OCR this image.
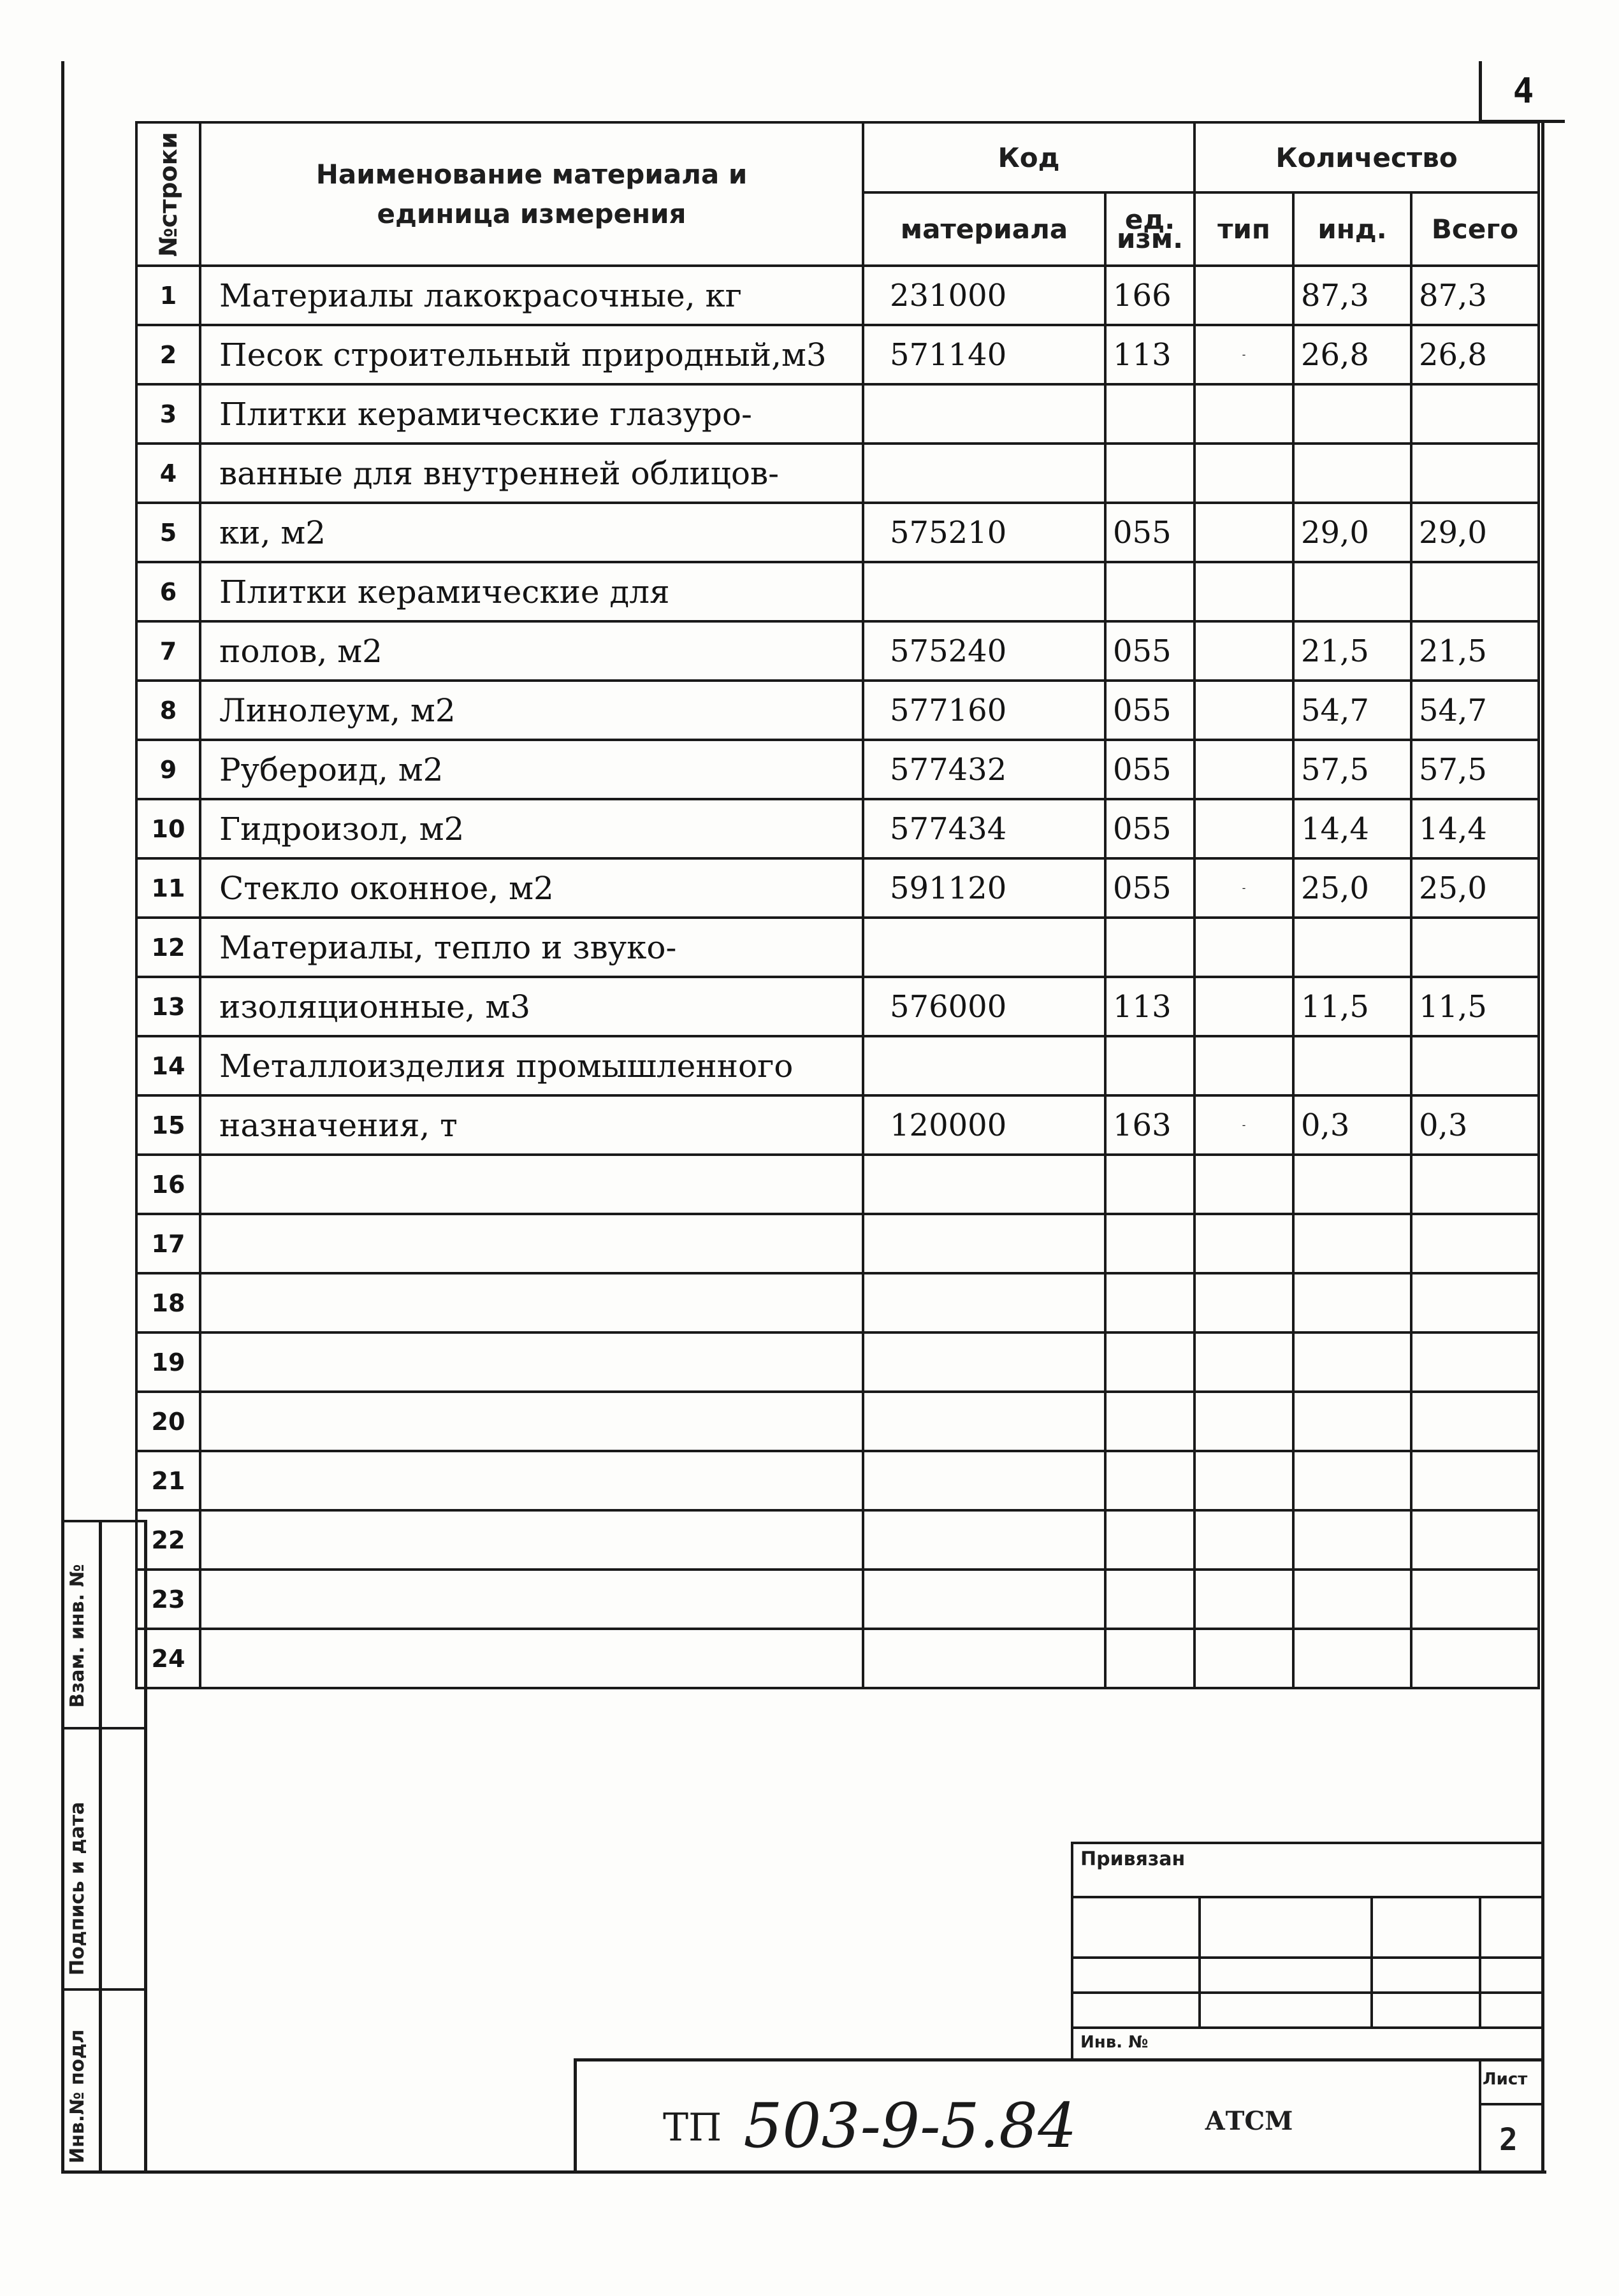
4
№строки	Наименование материала и единица измерения	Код		Количество		
		материала	ед. изм.	тип	инд.	Всего
1	Материалы лакокрасочные, кг	231000	166		87,3	87,3
2	Песок строительный природный,м3	571140	113	-	26,8	26,8
3	Плитки керамические глазуро-					
4	ванные для внутренней облицов-					
5	ки, м2	575210	055		29,0	29,0
6	Плитки керамические для					
7	полов, м2	575240	055		21,5	21,5
8	Линолеум, м2	577160	055		54,7	54,7
9	Рубероид, м2	577432	055		57,5	57,5
10	Гидроизол, м2	577434	055		14,4	14,4
11	Стекло оконное, м2	591120	055	-	25,0	25,0
12	Материалы, тепло и звуко-					
13	изоляционные, м3	576000	113		11,5	11,5
14	Металлоизделия промышленного					
15	назначения, т	120000	163	-	0,3	0,3
16						
17						
18						
19						
20						
21						
22						
23						
24						
Взам. инв. №
Подпись и дата
Инв.№ подл
Привязан
Инв. №
ТП 503-9-5.84	АТСМ
Лист
2
